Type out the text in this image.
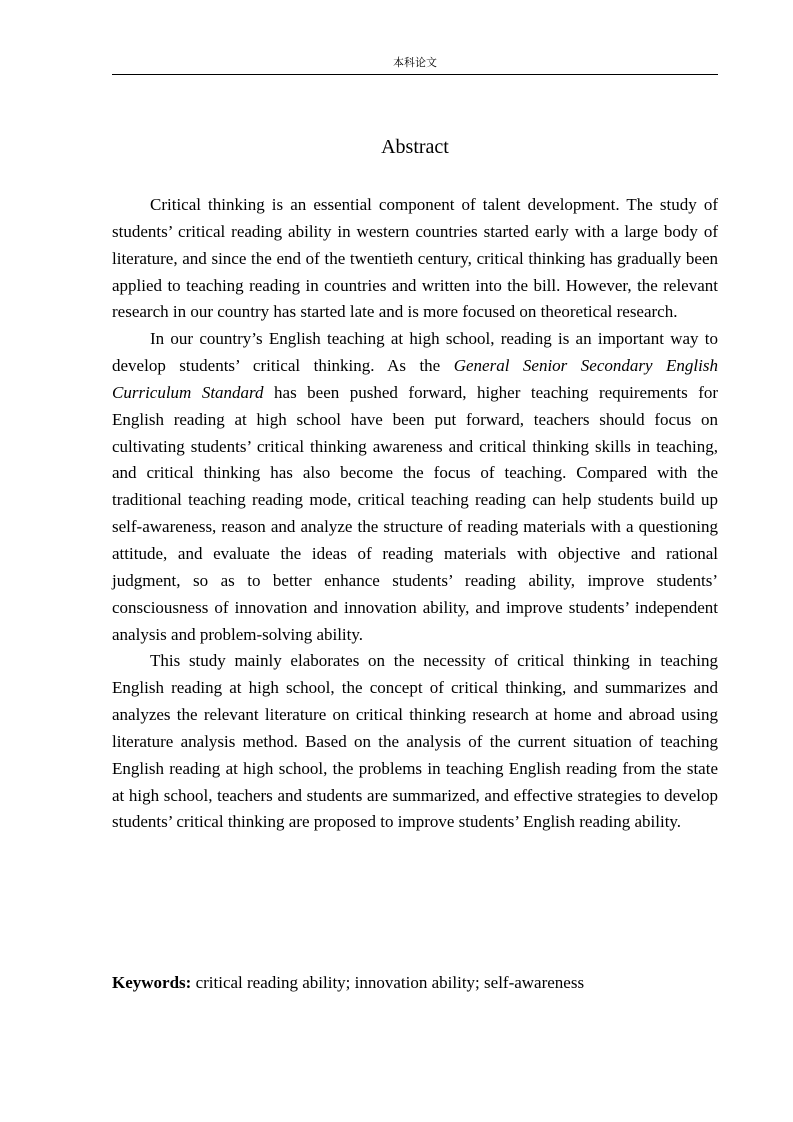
本科论文
Abstract

Critical thinking is an essential component of talent development. The study of students’ critical reading ability in western countries started early with a large body of literature, and since the end of the twentieth century, critical thinking has gradually been applied to teaching reading in countries and written into the bill. However, the relevant research in our country has started late and is more focused on theoretical research.

In our country’s English teaching at high school, reading is an important way to develop students’ critical thinking. As the General Senior Secondary English Curriculum Standard has been pushed forward, higher teaching requirements for English reading at high school have been put forward, teachers should focus on cultivating students’ critical thinking awareness and critical thinking skills in teaching, and critical thinking has also become the focus of teaching. Compared with the traditional teaching reading mode, critical teaching reading can help students build up self-awareness, reason and analyze the structure of reading materials with a questioning attitude, and evaluate the ideas of reading materials with objective and rational judgment, so as to better enhance students’ reading ability, improve students’ consciousness of innovation and innovation ability, and improve students’ independent analysis and problem-solving ability.

This study mainly elaborates on the necessity of critical thinking in teaching English reading at high school, the concept of critical thinking, and summarizes and analyzes the relevant literature on critical thinking research at home and abroad using literature analysis method. Based on the analysis of the current situation of teaching English reading at high school, the problems in teaching English reading from the state at high school, teachers and students are summarized, and effective strategies to develop students’ critical thinking are proposed to improve students’ English reading ability.

Keywords: critical reading ability; innovation ability; self-awareness
